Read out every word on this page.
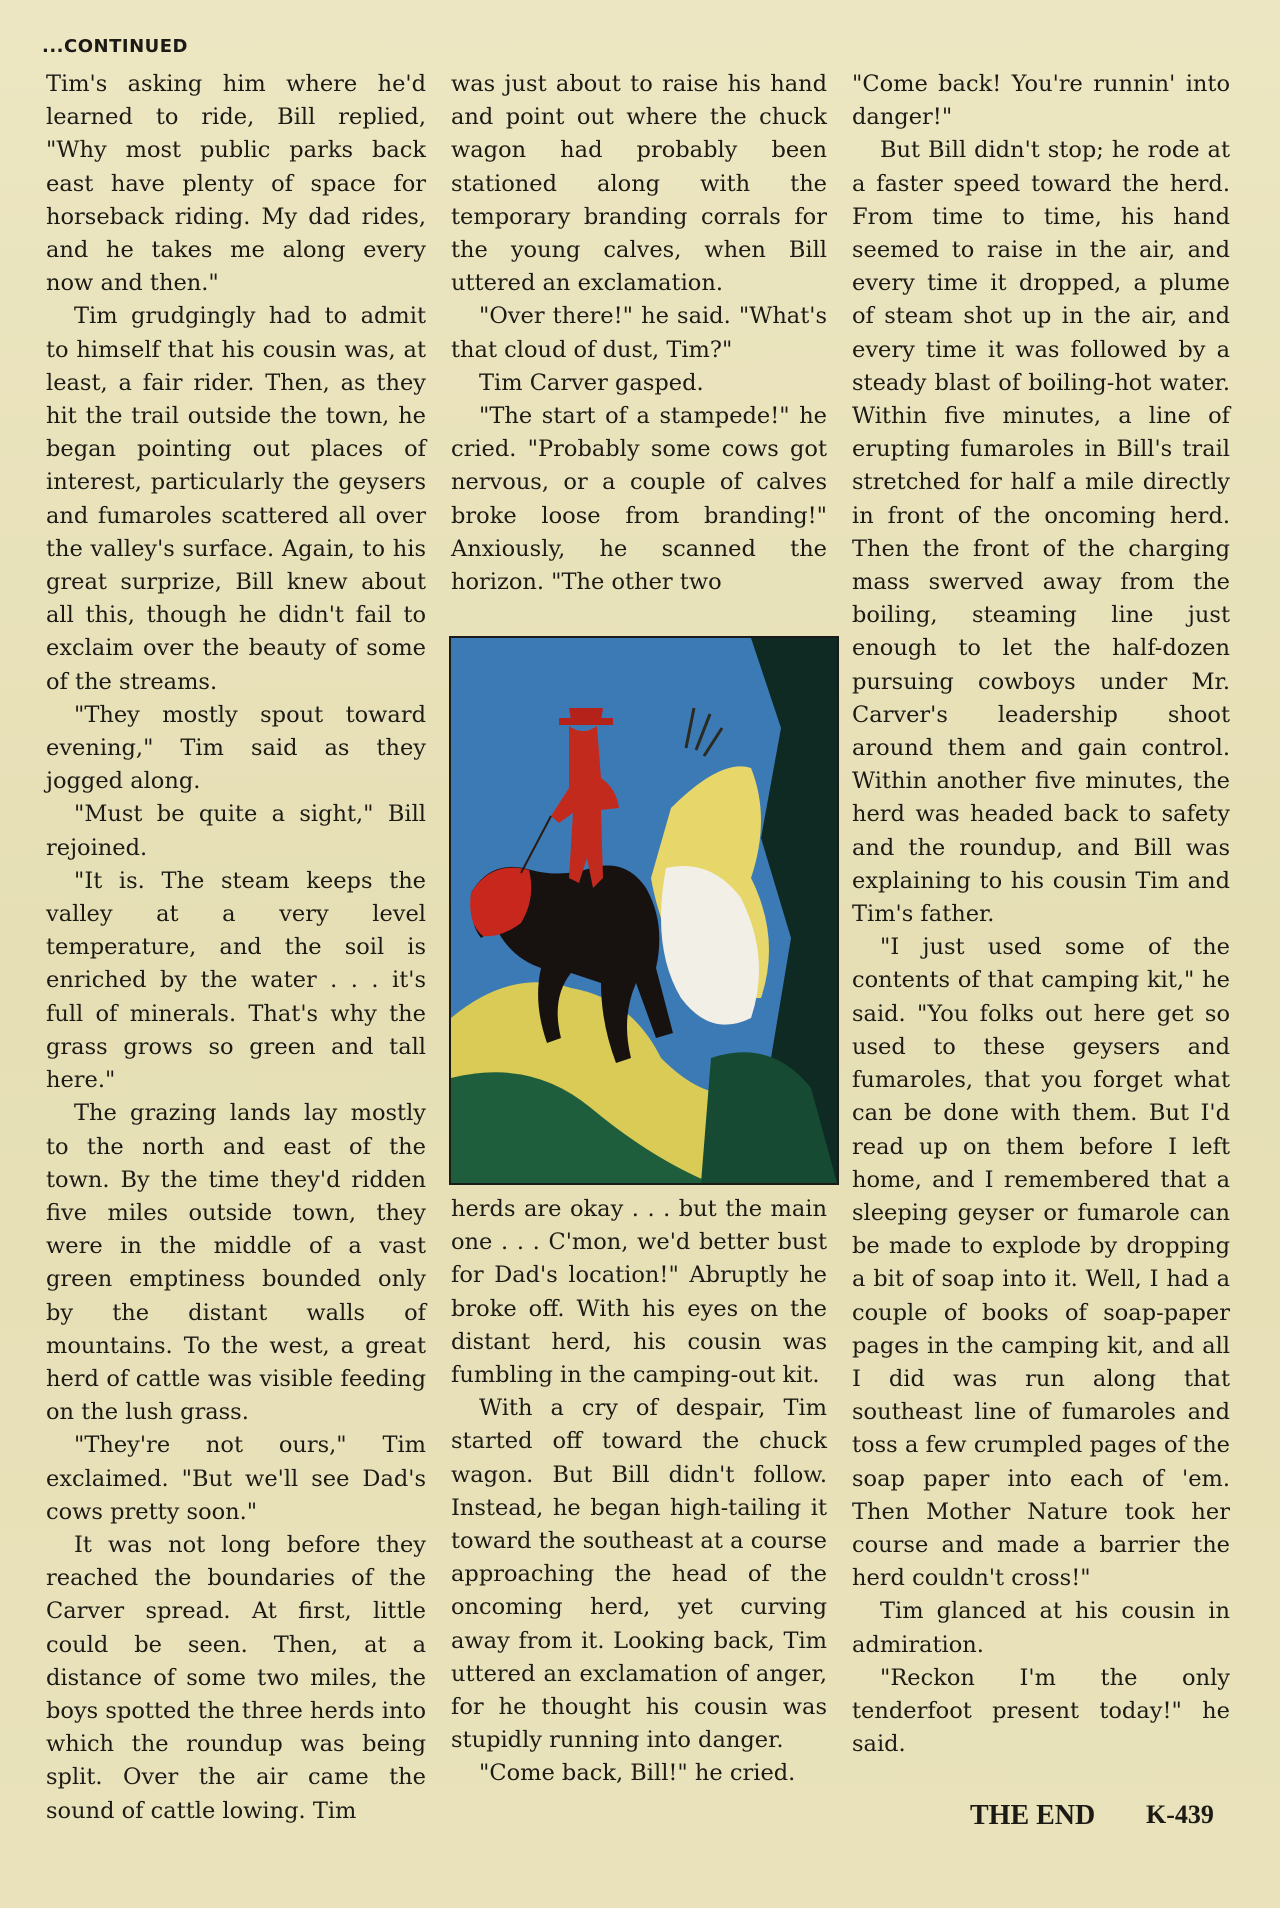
...CONTINUED

Tim's asking him where he'd learned to ride, Bill replied, "Why most public parks back east have plenty of space for horseback riding. My dad rides, and he takes me along every now and then."

Tim grudgingly had to admit to himself that his cousin was, at least, a fair rider. Then, as they hit the trail outside the town, he began pointing out places of interest, particularly the geysers and fumaroles scattered all over the valley's surface. Again, to his great surprize, Bill knew about all this, though he didn't fail to exclaim over the beauty of some of the streams.

"They mostly spout toward evening," Tim said as they jogged along.

"Must be quite a sight," Bill rejoined.

"It is. The steam keeps the valley at a very level temperature, and the soil is enriched by the water . . . it's full of minerals. That's why the grass grows so green and tall here."

The grazing lands lay mostly to the north and east of the town. By the time they'd ridden five miles outside town, they were in the middle of a vast green emptiness bounded only by the distant walls of mountains. To the west, a great herd of cattle was visible feeding on the lush grass.

"They're not ours," Tim exclaimed. "But we'll see Dad's cows pretty soon."

It was not long before they reached the boundaries of the Carver spread. At first, little could be seen. Then, at a distance of some two miles, the boys spotted the three herds into which the roundup was being split. Over the air came the sound of cattle lowing. Tim

was just about to raise his hand and point out where the chuck wagon had probably been stationed along with the temporary branding corrals for the young calves, when Bill uttered an exclamation.

"Over there!" he said. "What's that cloud of dust, Tim?"

Tim Carver gasped.

"The start of a stampede!" he cried. "Probably some cows got nervous, or a couple of calves broke loose from branding!" Anxiously, he scanned the horizon. "The other two

herds are okay . . . but the main one . . . C'mon, we'd better bust for Dad's location!" Abruptly he broke off. With his eyes on the distant herd, his cousin was fumbling in the camping-out kit.

With a cry of despair, Tim started off toward the chuck wagon. But Bill didn't follow. Instead, he began high-tailing it toward the southeast at a course approaching the head of the oncoming herd, yet curving away from it. Looking back, Tim uttered an exclamation of anger, for he thought his cousin was stupidly running into danger.

"Come back, Bill!" he cried.

"Come back! You're runnin' into danger!"

But Bill didn't stop; he rode at a faster speed toward the herd. From time to time, his hand seemed to raise in the air, and every time it dropped, a plume of steam shot up in the air, and every time it was followed by a steady blast of boiling-hot water. Within five minutes, a line of erupting fumaroles in Bill's trail stretched for half a mile directly in front of the oncoming herd. Then the front of the charging mass swerved away from the boiling, steaming line just enough to let the half-dozen pursuing cowboys under Mr. Carver's leadership shoot around them and gain control. Within another five minutes, the herd was headed back to safety and the roundup, and Bill was explaining to his cousin Tim and Tim's father.

"I just used some of the contents of that camping kit," he said. "You folks out here get so used to these geysers and fumaroles, that you forget what can be done with them. But I'd read up on them before I left home, and I remembered that a sleeping geyser or fumarole can be made to explode by dropping a bit of soap into it. Well, I had a couple of books of soap-paper pages in the camping kit, and all I did was run along that southeast line of fumaroles and toss a few crumpled pages of the soap paper into each of 'em. Then Mother Nature took her course and made a barrier the herd couldn't cross!"

Tim glanced at his cousin in admiration.

"Reckon I'm the only tenderfoot present today!" he said.

THE END K-439
